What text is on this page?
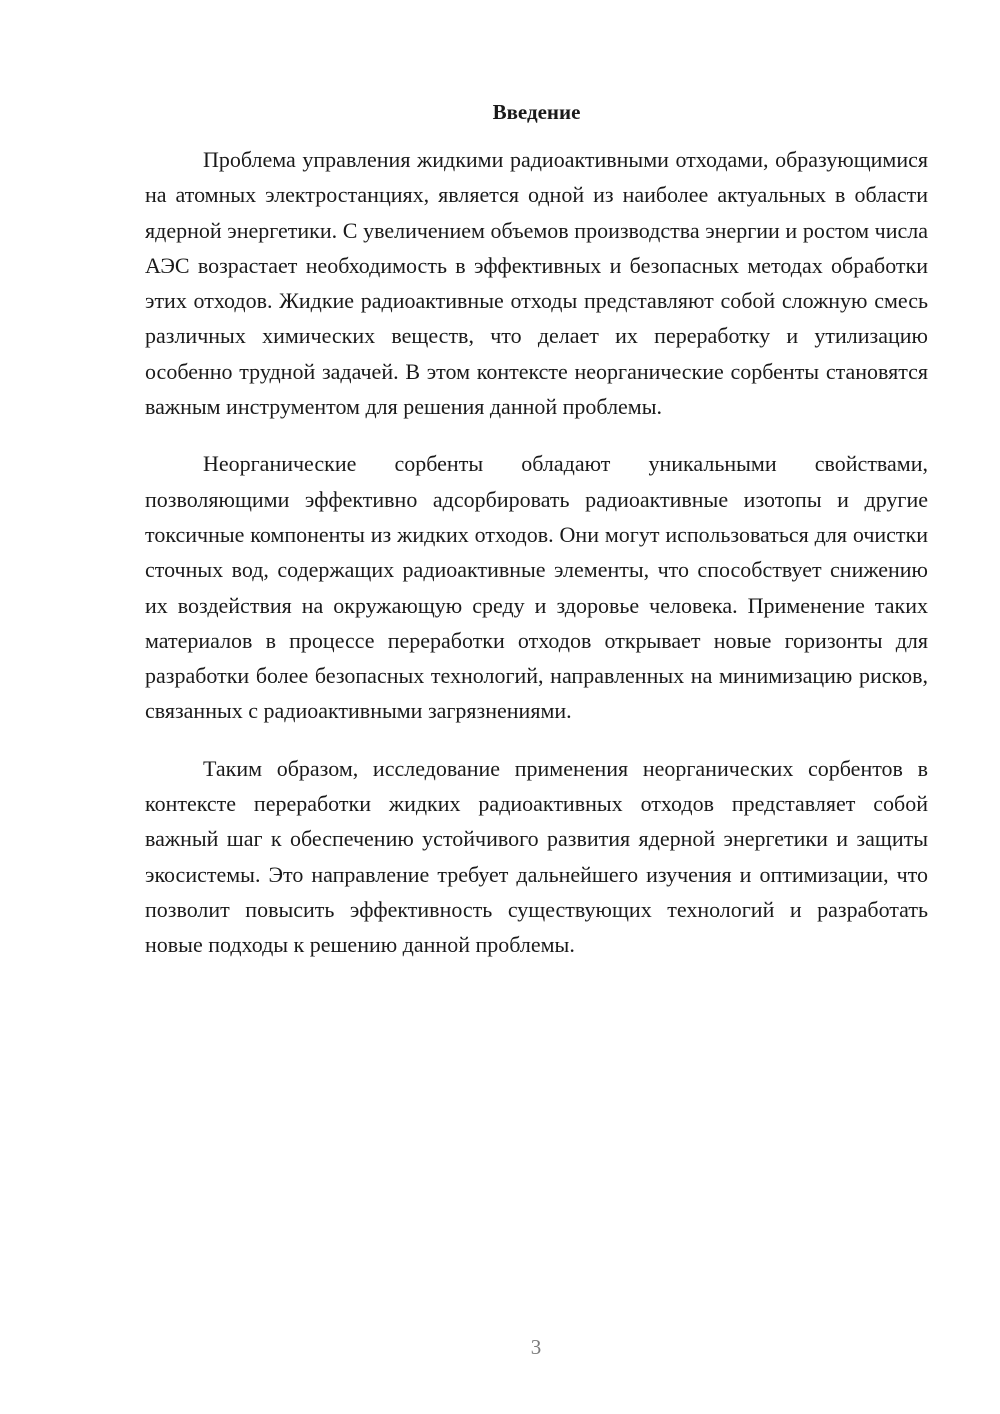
Введение

Проблема управления жидкими радиоактивными отходами, образующимися на атомных электростанциях, является одной из наиболее актуальных в области ядерной энергетики. С увеличением объемов производства энергии и ростом числа АЭС возрастает необходимость в эффективных и безопасных методах обработки этих отходов. Жидкие радиоактивные отходы представляют собой сложную смесь различных химических веществ, что делает их переработку и утилизацию особенно трудной задачей. В этом контексте неорганические сорбенты становятся важным инструментом для решения данной проблемы.

Неорганические сорбенты обладают уникальными свойствами, позволяющими эффективно адсорбировать радиоактивные изотопы и другие токсичные компоненты из жидких отходов. Они могут использоваться для очистки сточных вод, содержащих радиоактивные элементы, что способствует снижению их воздействия на окружающую среду и здоровье человека. Применение таких материалов в процессе переработки отходов открывает новые горизонты для разработки более безопасных технологий, направленных на минимизацию рисков, связанных с радиоактивными загрязнениями.

Таким образом, исследование применения неорганических сорбентов в контексте переработки жидких радиоактивных отходов представляет собой важный шаг к обеспечению устойчивого развития ядерной энергетики и защиты экосистемы. Это направление требует дальнейшего изучения и оптимизации, что позволит повысить эффективность существующих технологий и разработать новые подходы к решению данной проблемы.

3
